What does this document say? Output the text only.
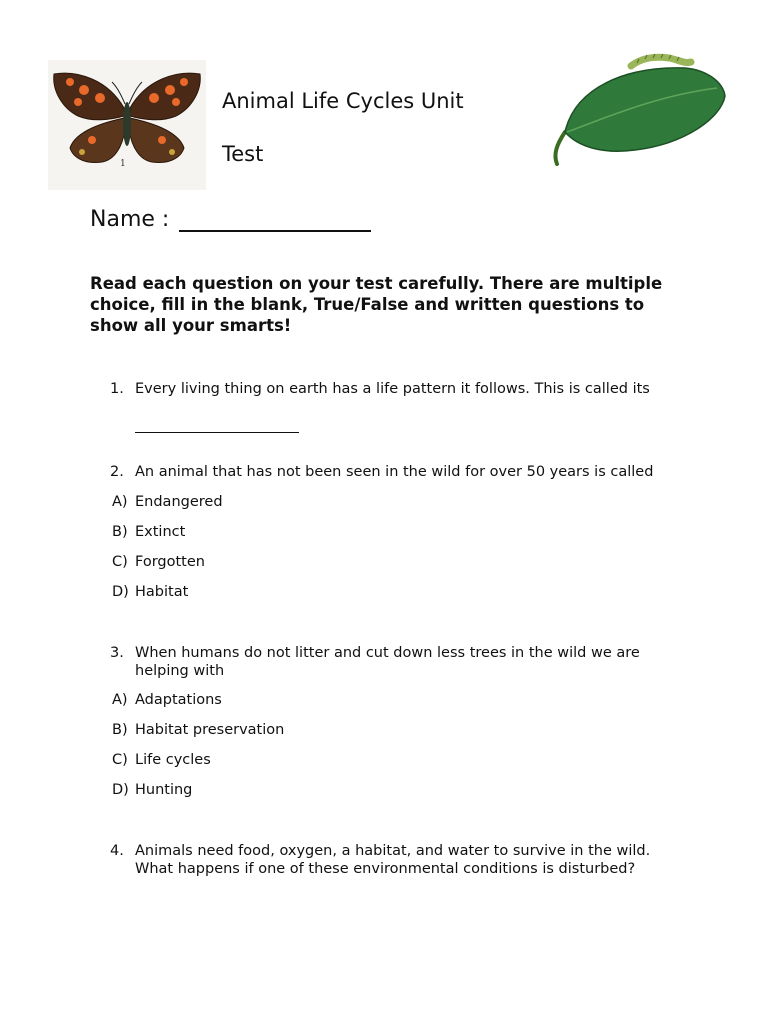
1
Animal Life Cycles Unit
Test
Name :
Read each question on your test carefully. There are multiple choice, fill in the blank, True/False and written questions to show all your smarts!
1. Every living thing on earth has a life pattern it follows. This is called its
2. An animal that has not been seen in the wild for over 50 years is called
A) Endangered
B) Extinct
C) Forgotten
D) Habitat
3. When humans do not litter and cut down less trees in the wild we are helping with
A) Adaptations
B) Habitat preservation
C) Life cycles
D) Hunting
4. Animals need food, oxygen, a habitat, and water to survive in the wild. What happens if one of these environmental conditions is disturbed?
